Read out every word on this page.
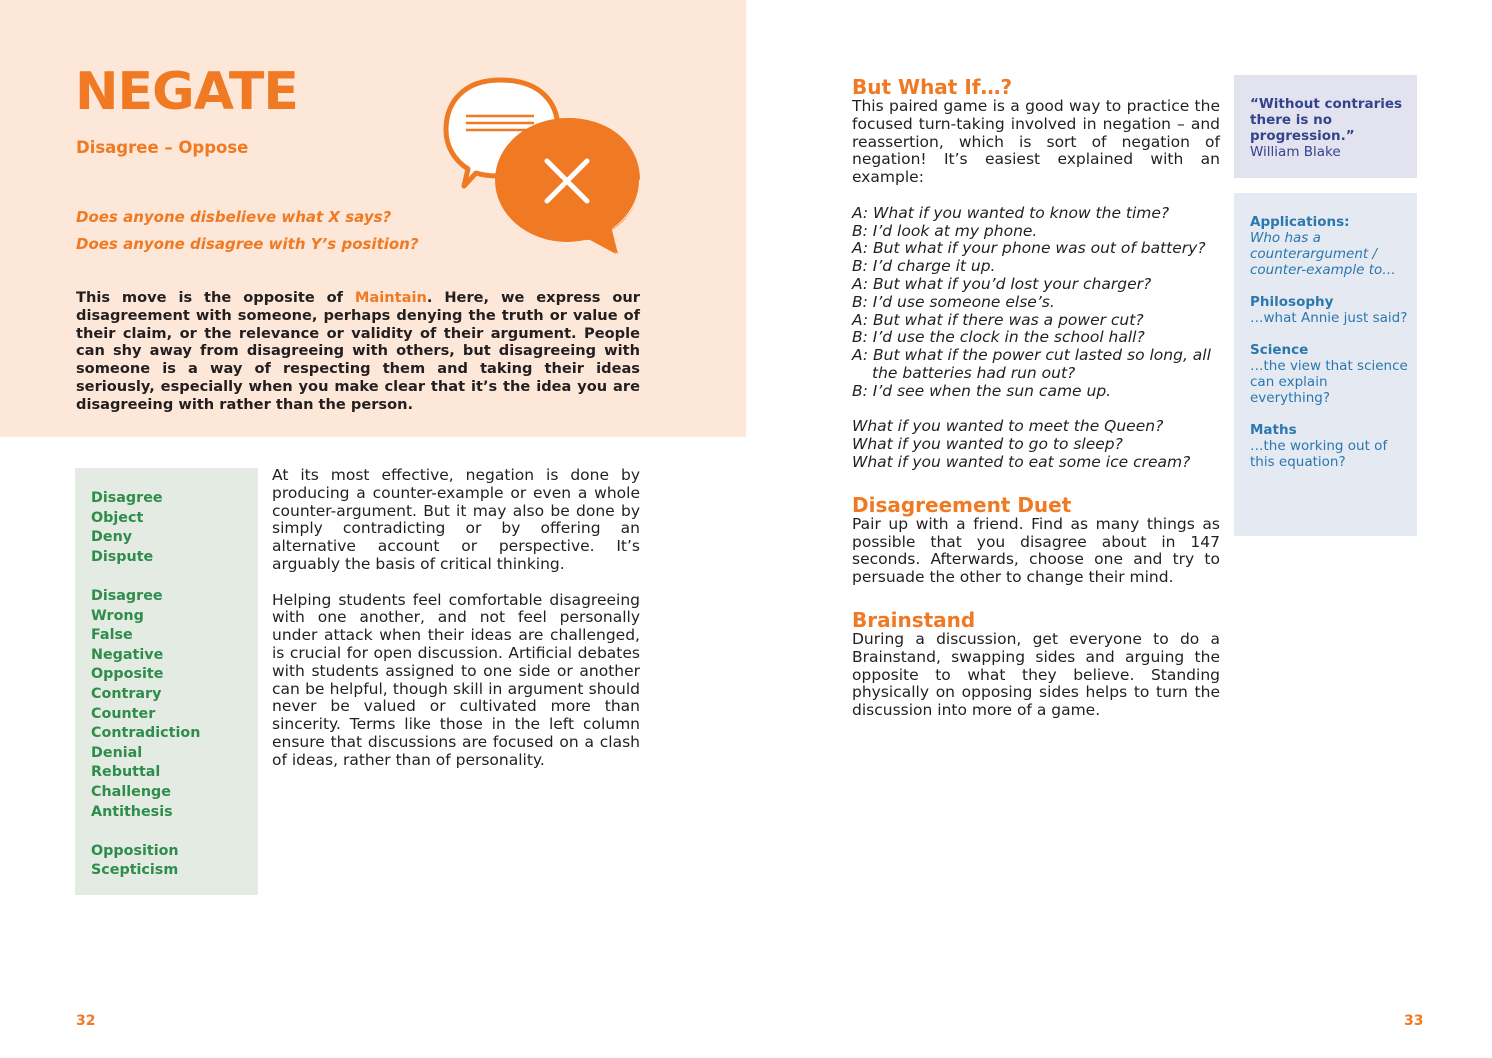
NEGATE
Disagree – Oppose
Does anyone disbelieve what X says?
Does anyone disagree with Y’s position?

This move is the opposite of Maintain. Here, we express our disagreement with someone, perhaps denying the truth or value of their claim, or the relevance or validity of their argument. People can shy away from disagreeing with others, but disagreeing with someone is a way of respecting them and taking their ideas seriously, especially when you make clear that it’s the idea you are disagreeing with rather than the person.

Disagree
Object
Deny
Dispute
Disagree
Wrong
False
Negative
Opposite
Contrary
Counter
Contradiction
Denial
Rebuttal
Challenge
Antithesis
Opposition
Scepticism

At its most effective, negation is done by producing a counter-example or even a whole counter-argument. But it may also be done by simply contradicting or by offering an alternative account or perspective. It’s arguably the basis of critical thinking.

Helping students feel comfortable disagreeing with one another, and not feel personally under attack when their ideas are challenged, is crucial for open discussion. Artificial debates with students assigned to one side or another can be helpful, though skill in argument should never be valued or cultivated more than sincerity. Terms like those in the left column ensure that discussions are focused on a clash of ideas, rather than of personality.

32
But What If…?

This paired game is a good way to practice the focused turn-taking involved in negation – and reassertion, which is sort of negation of negation! It’s easiest explained with an example:

A: What if you wanted to know the time?
B: I’d look at my phone.
A: But what if your phone was out of battery?
B: I’d charge it up.
A: But what if you’d lost your charger?
B: I’d use someone else’s.
A: But what if there was a power cut?
B: I’d use the clock in the school hall?
A: But what if the power cut lasted so long, all
the batteries had run out?
B: I’d see when the sun came up.
What if you wanted to meet the Queen?
What if you wanted to go to sleep?
What if you wanted to eat some ice cream?
Disagreement Duet

Pair up with a friend. Find as many things as possible that you disagree about in 147 seconds. Afterwards, choose one and try to persuade the other to change their mind.

Brainstand

During a discussion, get everyone to do a Brainstand, swapping sides and arguing the opposite to what they believe. Standing physically on opposing sides helps to turn the discussion into more of a game.

“Without contraries there is no progression.”
William Blake
Applications:
Who has a counterargument / counter-example to…
Philosophy
…what Annie just said?
Science
…the view that science can explain everything?
Maths
…the working out of this equation?
33
